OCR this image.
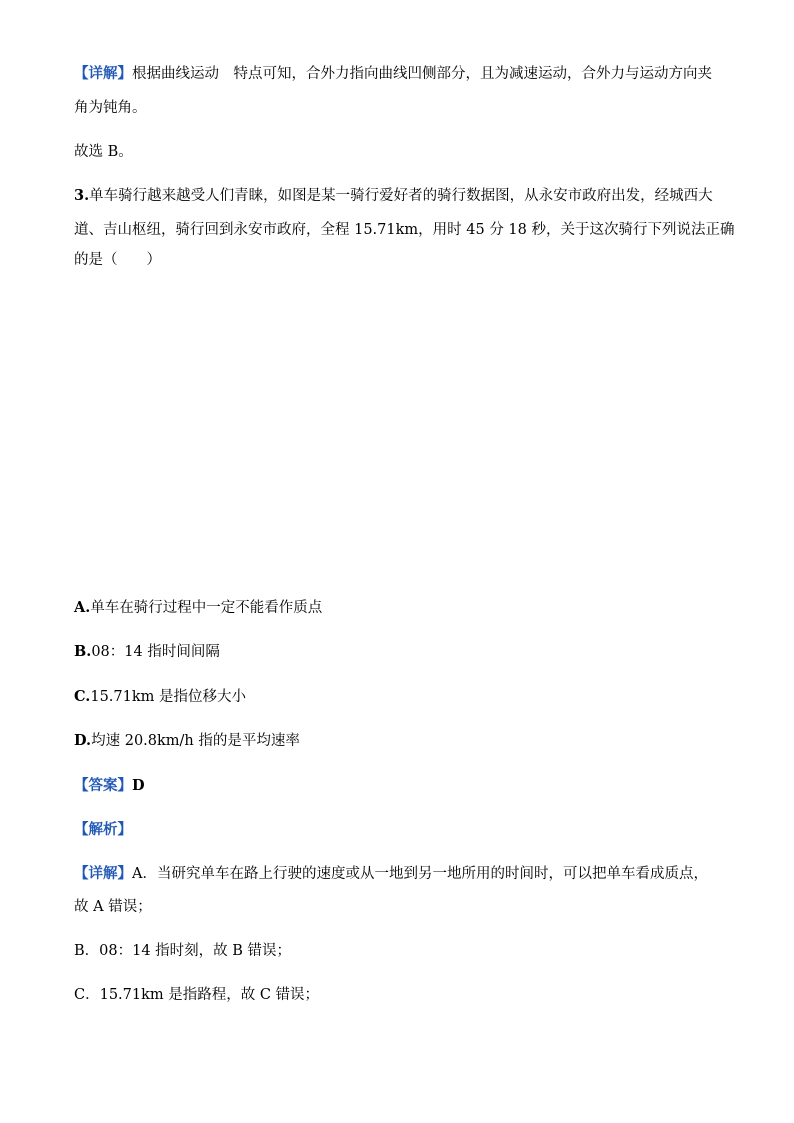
【详解】根据曲线运动　特点可知，合外力指向曲线凹侧部分，且为减速运动，合外力与运动方向夹
角为钝角。
故选 B。
3.单车骑行越来越受人们青睐，如图是某一骑行爱好者的骑行数据图，从永安市政府出发，经城西大
道、吉山枢纽，骑行回到永安市政府，全程 15.71km，用时 45 分 18 秒，关于这次骑行下列说法正确
的是（　　）
A.单车在骑行过程中一定不能看作质点
B.08：14 指时间间隔
C.15.71km 是指位移大小
D.均速 20.8km/h 指的是平均速率
【答案】D
【解析】
【详解】A．当研究单车在路上行驶的速度或从一地到另一地所用的时间时，可以把单车看成质点，
故 A 错误；
B．08：14 指时刻，故 B 错误；
C．15.71km 是指路程，故 C 错误；
